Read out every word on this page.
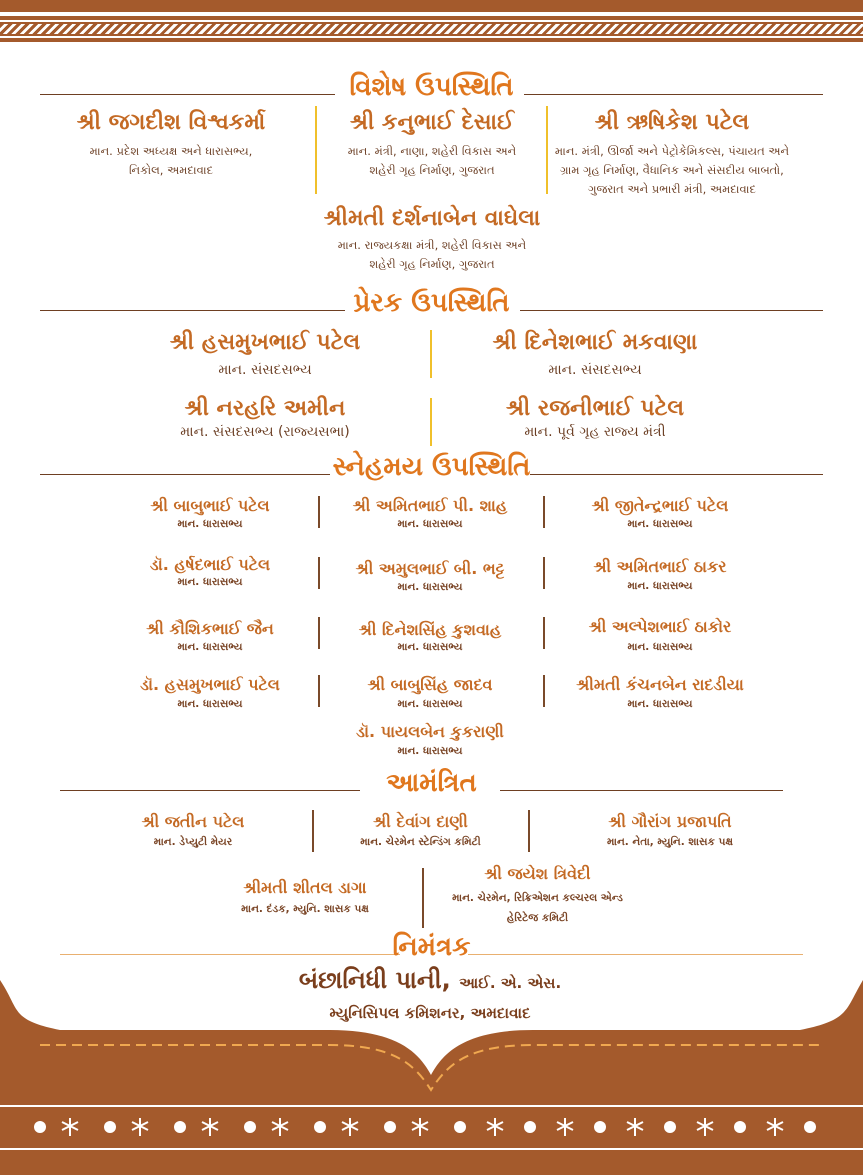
વિશેષ ઉપસ્થિતિ
શ્રી જગદીશ વિશ્વકર્મા
માન. પ્રદેશ અધ્યક્ષ અને ધારાસભ્ય,
નિકોલ, અમદાવાદ
શ્રી કનુભાઈ દેસાઈ
માન. મંત્રી, નાણા, શહેરી વિકાસ અને
શહેરી ગૃહ નિર્માણ, ગુજરાત
શ્રી ઋષિકેશ પટેલ
માન. મંત્રી, ઊર્જા અને પેટ્રોકેમિકલ્સ, પંચાયત અને
ગ્રામ ગૃહ નિર્માણ, વૈધાનિક અને સંસદીય બાબતો,
ગુજરાત અને પ્રભારી મંત્રી, અમદાવાદ
શ્રીમતી દર્શનાબેન વાઘેલા
માન. રાજ્યકક્ષા મંત્રી, શહેરી વિકાસ અને
શહેરી ગૃહ નિર્માણ, ગુજરાત
પ્રેરક ઉપસ્થિતિ
શ્રી હસમુખભાઈ પટેલ
માન. સંસદસભ્ય
શ્રી દિનેશભાઈ મકવાણા
માન. સંસદસભ્ય
શ્રી નરહરિ અમીન
માન. સંસદસભ્ય (રાજ્યસભા)
શ્રી રજનીભાઈ પટેલ
માન. પૂર્વ ગૃહ રાજ્ય મંત્રી
સ્નેહમય ઉપસ્થિતિ
શ્રી બાબુભાઈ પટેલ
માન. ધારાસભ્ય
શ્રી અમિતભાઈ પી. શાહ
માન. ધારાસભ્ય
શ્રી જીતેન્દ્રભાઈ પટેલ
માન. ધારાસભ્ય
ડૉ. હર્ષદભાઈ પટેલ
માન. ધારાસભ્ય
શ્રી અમુલભાઈ બી. ભટ્ટ
માન. ધારાસભ્ય
શ્રી અમિતભાઈ ઠાકર
માન. ધારાસભ્ય
શ્રી કૌશિકભાઈ જૈન
માન. ધારાસભ્ય
શ્રી દિનેશસિંહ કુશવાહ
માન. ધારાસભ્ય
શ્રી અલ્પેશભાઈ ઠાકોર
માન. ધારાસભ્ય
ડૉ. હસમુખભાઈ પટેલ
માન. ધારાસભ્ય
શ્રી બાબુસિંહ જાદવ
માન. ધારાસભ્ય
શ્રીમતી કંચનબેન રાદડીયા
માન. ધારાસભ્ય
ડૉ. પાયલબેન કુકરાણી
માન. ધારાસભ્ય
આમંત્રિત
શ્રી જતીન પટેલ
માન. ડેપ્યુટી મેયર
શ્રી દેવાંગ દાણી
માન. ચેરમેન સ્ટેન્ડિંગ કમિટી
શ્રી ગૌરાંગ પ્રજાપતિ
માન. નેતા, મ્યુનિ. શાસક પક્ષ
શ્રીમતી શીતલ ડાગા
માન. દંડક, મ્યુનિ. શાસક પક્ષ
શ્રી જયેશ ત્રિવેદી
માન. ચેરમેન, રિક્રિએશન કલ્ચરલ એન્ડ
હેરિટેજ કમિટી
નિમંત્રક
બંછાનિધી પાની, આઈ. એ. એસ.
મ્યુનિસિપલ કમિશનર, અમદાવાદ
